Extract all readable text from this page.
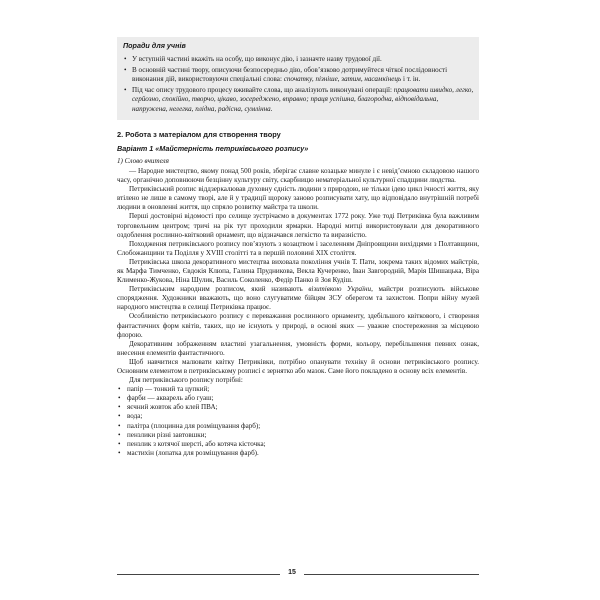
Поради для учнів
• У вступній частині вкажіть на особу, що виконує дію, і зазначте назву трудової дії.
• В основній частині твору, описуючи безпосередньо дію, обов’язково дотримуйтеся чіткої послідовності виконання дій, використовуючи спеціальні слова: спочатку, пізніше, затим, насамкінець і т. ін.
• Під час опису трудового процесу вживайте слова, що аналізують виконувані операції: працювати швидко, легко, серйозно, спокійно, творчо, цікаво, зосереджено, вправно; праця успішна, благородна, відповідальна, напружена, нелегка, плідна, радісна, сумлінна.
2. Робота з матеріалом для створення твору
Варіант 1 «Майстерність петриківського розпису»
1) Слово вчителя

— Народне мистецтво, якому понад 500 років, зберігає славне козацьке минуле і є невід’ємною складовою нашого часу, органічно доповнюючи безцінну культуру світу, скарбницю нематеріальної культурної спадщини людства.

Петриківський розпис віддзеркалював духовну єдність людини з природою, не тільки ідею цикл ічності життя, яку втілено не лише в самому творі, але й у традиції щороку заново розписувати хату, що відповідало внутрішній потребі людини в оновленні життя, що спряло розвитку майстра та школи.

Перші достовірні відомості про селище зустрічаємо в документах 1772 року. Уже тоді Петриківка була важливим торговельним центром; тричі на рік тут проходили ярмарки. Народні митці використовували для декоративного оздоблення рослинно-квітковий орнамент, що відзначався легкістю та виразністю.

Походження петриківського розпису пов’язують з козацтвом і заселенням Дніпровщини вихідцями з Полтавщини, Слобожанщини та Поділля у XVIII столітті та в першій половині XIX століття.

Петриківська школа декоративного мистецтва виховала покоління учнів Т. Пати, зокрема таких відомих майстрів, як Марфа Тимченко, Євдокія Клюпа, Галина Прудникова, Векла Кучеренко, Іван Завгородній, Марія Шишацька, Віра Клименко-Жукова, Ніна Шулик, Василь Соколенко, Федір Панко й Зоя Кудіш.

Петриківським народним розписом, який називають візитівкою України, майстри розписують військове спорядження. Художники вважають, що воно слугуватиме бійцям ЗСУ оберегом та захистом. Попри війну музей народного мистецтва в селищі Петриківка працює.

Особливістю петриківського розпису є переважання рослинного орнаменту, здебільшого квіткового, і створення фантастичних форм квітів, таких, що не існують у природі, в основі яких — уважне спостереження за місцевою флорою.

Декоративним зображенням властиві узагальнення, умовність форми, кольору, перебільшення певних ознак, внесення елементів фантастичного.

Щоб навчитися малювати квітку Петриківки, потрібно опанувати техніку й основи петриківського розпису. Основним елементом в петриківському розписі є зернятко або мазок. Саме його покладено в основу всіх елементів.

Для петриківського розпису потрібні:

• папір — тонкий та цупкий;
• фарби — акварель або гуаш;
• яєчний жовток або клей ПВА;
• вода;
• палітра (плоцинна для розміщування фарб);
• пензлики різні завтовшки;
• пензлик з котячої шерсті, або котяча кісточка;
• мастихін (лопатка для розміщування фарб).
15
